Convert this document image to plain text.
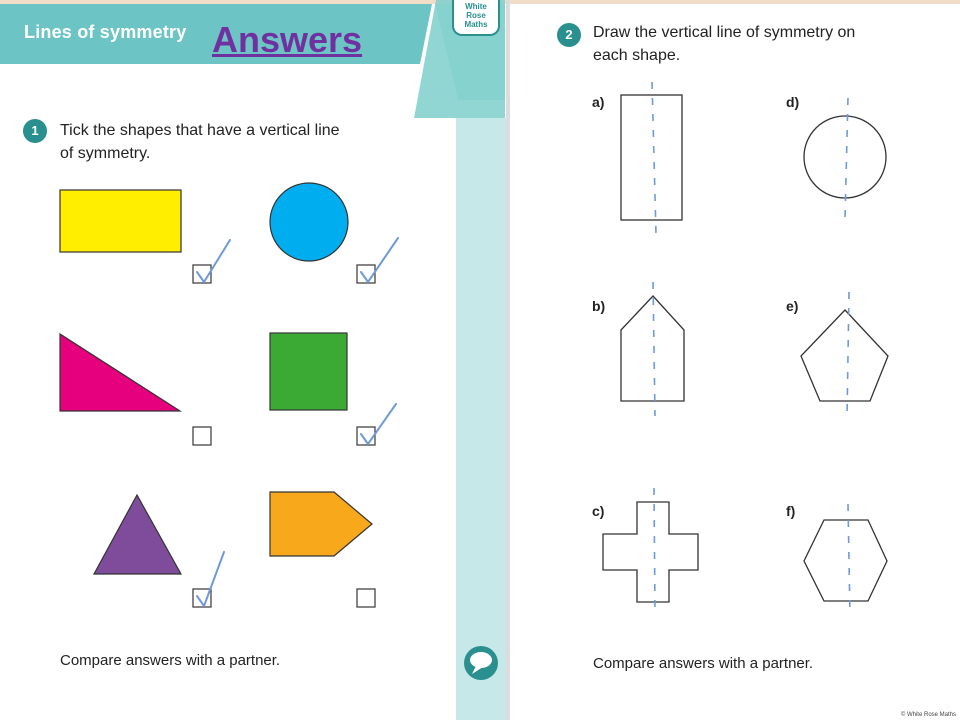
Lines of symmetry Answers
White
Rose
Maths
1	Tick the shapes that have a vertical line
of symmetry.
Compare answers with a partner.
2	Draw the vertical line of symmetry on
each shape.
a)
b)
c)
d)
e)
f)
Compare answers with a partner.
© White Rose Maths
